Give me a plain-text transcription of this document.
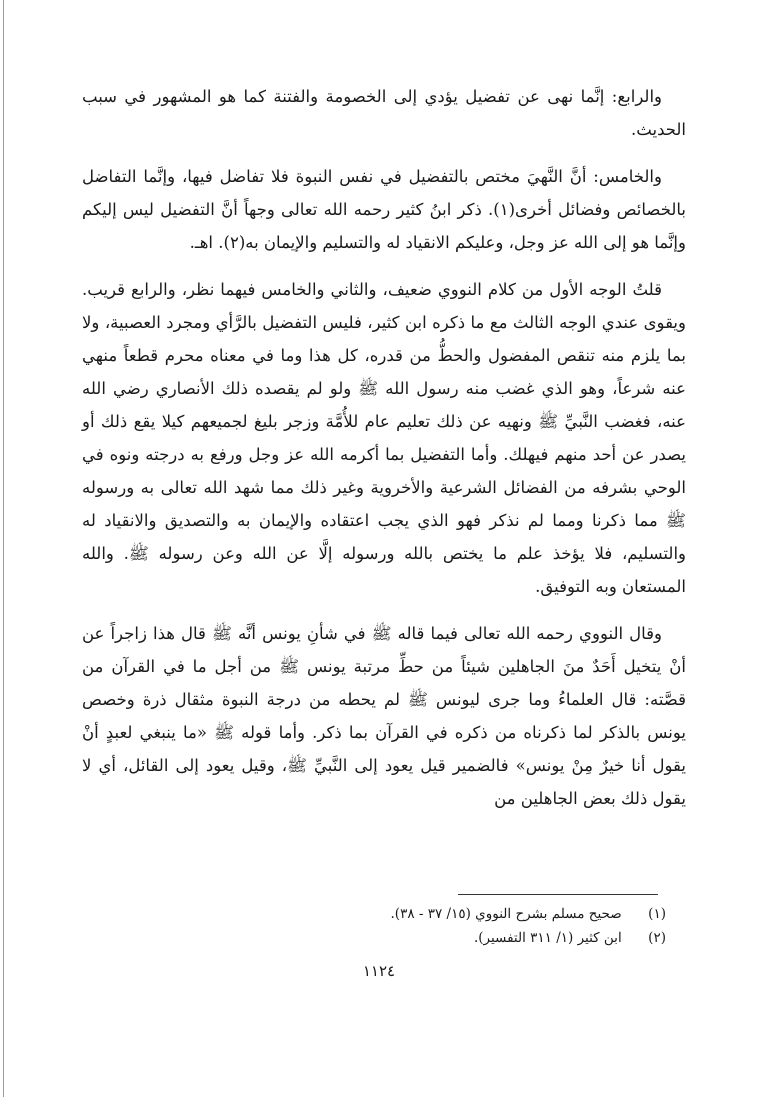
والرابع: إنَّما نهى عن تفضيل يؤدي إلى الخصومة والفتنة كما هو المشهور في سبب الحديث.

والخامس: أنَّ النَّهيَ مختص بالتفضيل في نفس النبوة فلا تفاضل فيها، وإنَّما التفاضل بالخصائص وفضائل أخرى(١). ذكر ابنُ كثير رحمه الله تعالى وجهاً أنَّ التفضيل ليس إليكم وإنَّما هو إلى الله عز وجل، وعليكم الانقياد له والتسليم والإيمان به(٢). اهـ.

قلتُ الوجه الأول من كلام النووي ضعيف، والثاني والخامس فيهما نظر، والرابع قريب. ويقوى عندي الوجه الثالث مع ما ذكره ابن كثير، فليس التفضيل بالرَّأي ومجرد العصبية، ولا بما يلزم منه تنقص المفضول والحطُّ من قدره، كل هذا وما في معناه محرم قطعاً منهي عنه شرعاً، وهو الذي غضب منه رسول الله ﷺ ولو لم يقصده ذلك الأنصاري رضي الله عنه، فغضب النَّبيِّ ﷺ ونهيه عن ذلك تعليم عام للأُمَّة وزجر بليغ لجميعهم كيلا يقع ذلك أو يصدر عن أحد منهم فيهلك. وأما التفضيل بما أكرمه الله عز وجل ورفع به درجته ونوه في الوحي بشرفه من الفضائل الشرعية والأخروية وغير ذلك مما شهد الله تعالى به ورسوله ﷺ مما ذكرنا ومما لم نذكر فهو الذي يجب اعتقاده والإيمان به والتصديق والانقياد له والتسليم، فلا يؤخذ علم ما يختص بالله ورسوله إلَّا عن الله وعن رسوله ﷺ. والله المستعان وبه التوفيق.

وقال النووي رحمه الله تعالى فيما قاله ﷺ في شأنِ يونس أنَّه ﷺ قال هذا زاجراً عن أنْ يتخيل أَحَدٌ منَ الجاهلين شيئاً من حطِّ مرتبة يونس ﷺ من أجل ما في القرآن من قصَّته: قال العلماءُ وما جرى ليونس ﷺ لم يحطه من درجة النبوة مثقال ذرة وخصص يونس بالذكر لما ذكرناه من ذكره في القرآن بما ذكر. وأما قوله ﷺ «ما ينبغي لعبدٍ أنْ يقول أنا خيرٌ مِنْ يونس» فالضمير قيل يعود إلى النَّبيِّ ﷺ، وقيل يعود إلى القائل، أي لا يقول ذلك بعض الجاهلين من

(١) صحيح مسلم بشرح النووي (١٥/ ٣٧ - ٣٨).
(٢) ابن كثير (١/ ٣١١ التفسير).
١١٢٤
